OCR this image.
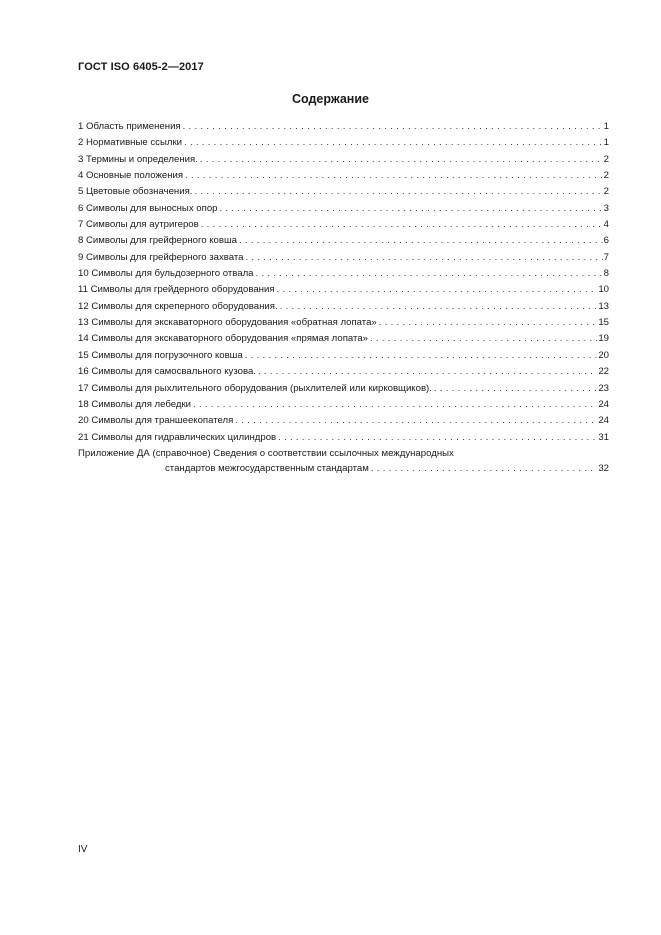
ГОСТ ISO 6405-2—2017
Содержание
1 Область применения . . .	1
2 Нормативные ссылки . . .	1
3 Термины и определения. . . .	2
4 Основные положения . . .	2
5 Цветовые обозначения. . . .	2
6 Символы для выносных опор . . .	3
7 Символы для аутригеров . . .	4
8 Символы для грейферного ковша . . .	6
9 Символы для грейферного захвата . . .	7
10 Символы для бульдозерного отвала . . .	8
11 Символы для грейдерного оборудования . . .	10
12 Символы для скреперного оборудования. . . .	13
13 Символы для экскаваторного оборудования «обратная лопата» . . .	15
14 Символы для экскаваторного оборудования «прямая лопата» . . .	19
15 Символы для погрузочного ковша . . .	20
16 Символы для самосвального кузова. . . .	22
17 Символы для рыхлительного оборудования (рыхлителей или кирковщиков). . . .	23
18 Символы для лебедки . . .	24
20 Символы для траншеекопателя . . .	24
21 Символы для гидравлических цилиндров . . .	31
Приложение ДА (справочное) Сведения о соответствии ссылочных международных
стандартов межгосударственным стандартам . . .	32
IV
